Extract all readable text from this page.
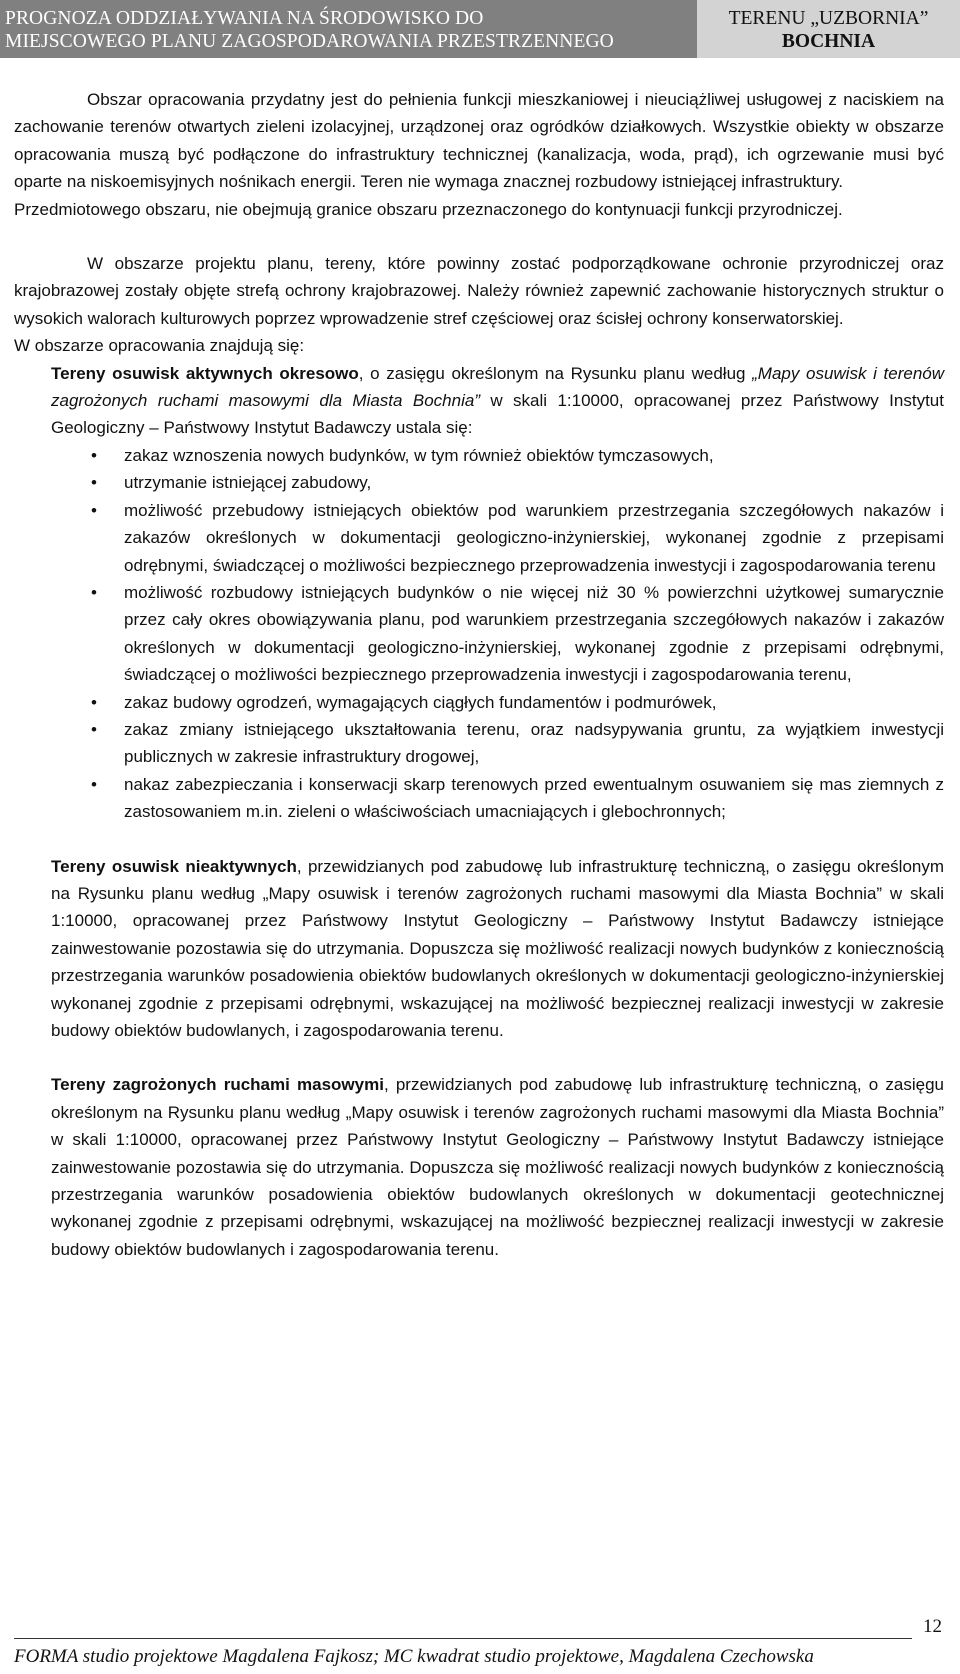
PROGNOZA ODDZIAŁYWANIA NA ŚRODOWISKO DO
MIEJSCOWEGO PLANU ZAGOSPODAROWANIA PRZESTRZENNEGO
TERENU „UZBORNIA”
BOCHNIA

Obszar opracowania przydatny jest do pełnienia funkcji mieszkaniowej i nieuciążliwej usługowej z naciskiem na zachowanie terenów otwartych zieleni izolacyjnej, urządzonej oraz ogródków działkowych. Wszystkie obiekty w obszarze opracowania muszą być podłączone do infrastruktury technicznej (kanalizacja, woda, prąd), ich ogrzewanie musi być oparte na niskoemisyjnych nośnikach energii. Teren nie wymaga znacznej rozbudowy istniejącej infrastruktury.

Przedmiotowego obszaru, nie obejmują granice obszaru przeznaczonego do kontynuacji funkcji przyrodniczej.

W obszarze projektu planu, tereny, które powinny zostać podporządkowane ochronie przyrodniczej oraz krajobrazowej zostały objęte strefą ochrony krajobrazowej. Należy również zapewnić zachowanie historycznych struktur o wysokich walorach kulturowych poprzez wprowadzenie stref częściowej oraz ścisłej ochrony konserwatorskiej.

W obszarze opracowania znajdują się:

Tereny osuwisk aktywnych okresowo, o zasięgu określonym na Rysunku planu według „Mapy osuwisk i terenów zagrożonych ruchami masowymi dla Miasta Bochnia” w skali 1:10000, opracowanej przez Państwowy Instytut Geologiczny – Państwowy Instytut Badawczy ustala się:

• zakaz wznoszenia nowych budynków, w tym również obiektów tymczasowych,
• utrzymanie istniejącej zabudowy,
• możliwość przebudowy istniejących obiektów pod warunkiem przestrzegania szczegółowych nakazów i zakazów określonych w dokumentacji geologiczno-inżynierskiej, wykonanej zgodnie z przepisami odrębnymi, świadczącej o możliwości bezpiecznego przeprowadzenia inwestycji i zagospodarowania terenu
• możliwość rozbudowy istniejących budynków o nie więcej niż 30 % powierzchni użytkowej sumarycznie przez cały okres obowiązywania planu, pod warunkiem przestrzegania szczegółowych nakazów i zakazów określonych w dokumentacji geologiczno-inżynierskiej, wykonanej zgodnie z przepisami odrębnymi, świadczącej o możliwości bezpiecznego przeprowadzenia inwestycji i zagospodarowania terenu,
• zakaz budowy ogrodzeń, wymagających ciągłych fundamentów i podmurówek,
• zakaz zmiany istniejącego ukształtowania terenu, oraz nadsypywania gruntu, za wyjątkiem inwestycji publicznych w zakresie infrastruktury drogowej,
• nakaz zabezpieczania i konserwacji skarp terenowych przed ewentualnym osuwaniem się mas ziemnych z zastosowaniem m.in. zieleni o właściwościach umacniających i glebochronnych;

Tereny osuwisk nieaktywnych, przewidzianych pod zabudowę lub infrastrukturę techniczną, o zasięgu określonym na Rysunku planu według „Mapy osuwisk i terenów zagrożonych ruchami masowymi dla Miasta Bochnia” w skali 1:10000, opracowanej przez Państwowy Instytut Geologiczny – Państwowy Instytut Badawczy istniejące zainwestowanie pozostawia się do utrzymania. Dopuszcza się możliwość realizacji nowych budynków z koniecznością przestrzegania warunków posadowienia obiektów budowlanych określonych w dokumentacji geologiczno-inżynierskiej wykonanej zgodnie z przepisami odrębnymi, wskazującej na możliwość bezpiecznej realizacji inwestycji w zakresie budowy obiektów budowlanych, i zagospodarowania terenu.

Tereny zagrożonych ruchami masowymi, przewidzianych pod zabudowę lub infrastrukturę techniczną, o zasięgu określonym na Rysunku planu według „Mapy osuwisk i terenów zagrożonych ruchami masowymi dla Miasta Bochnia” w skali 1:10000, opracowanej przez Państwowy Instytut Geologiczny – Państwowy Instytut Badawczy istniejące zainwestowanie pozostawia się do utrzymania. Dopuszcza się możliwość realizacji nowych budynków z koniecznością przestrzegania warunków posadowienia obiektów budowlanych określonych w dokumentacji geotechnicznej wykonanej zgodnie z przepisami odrębnymi, wskazującej na możliwość bezpiecznej realizacji inwestycji w zakresie budowy obiektów budowlanych i zagospodarowania terenu.

12
FORMA studio projektowe Magdalena Fajkosz; MC kwadrat studio projektowe, Magdalena Czechowska
